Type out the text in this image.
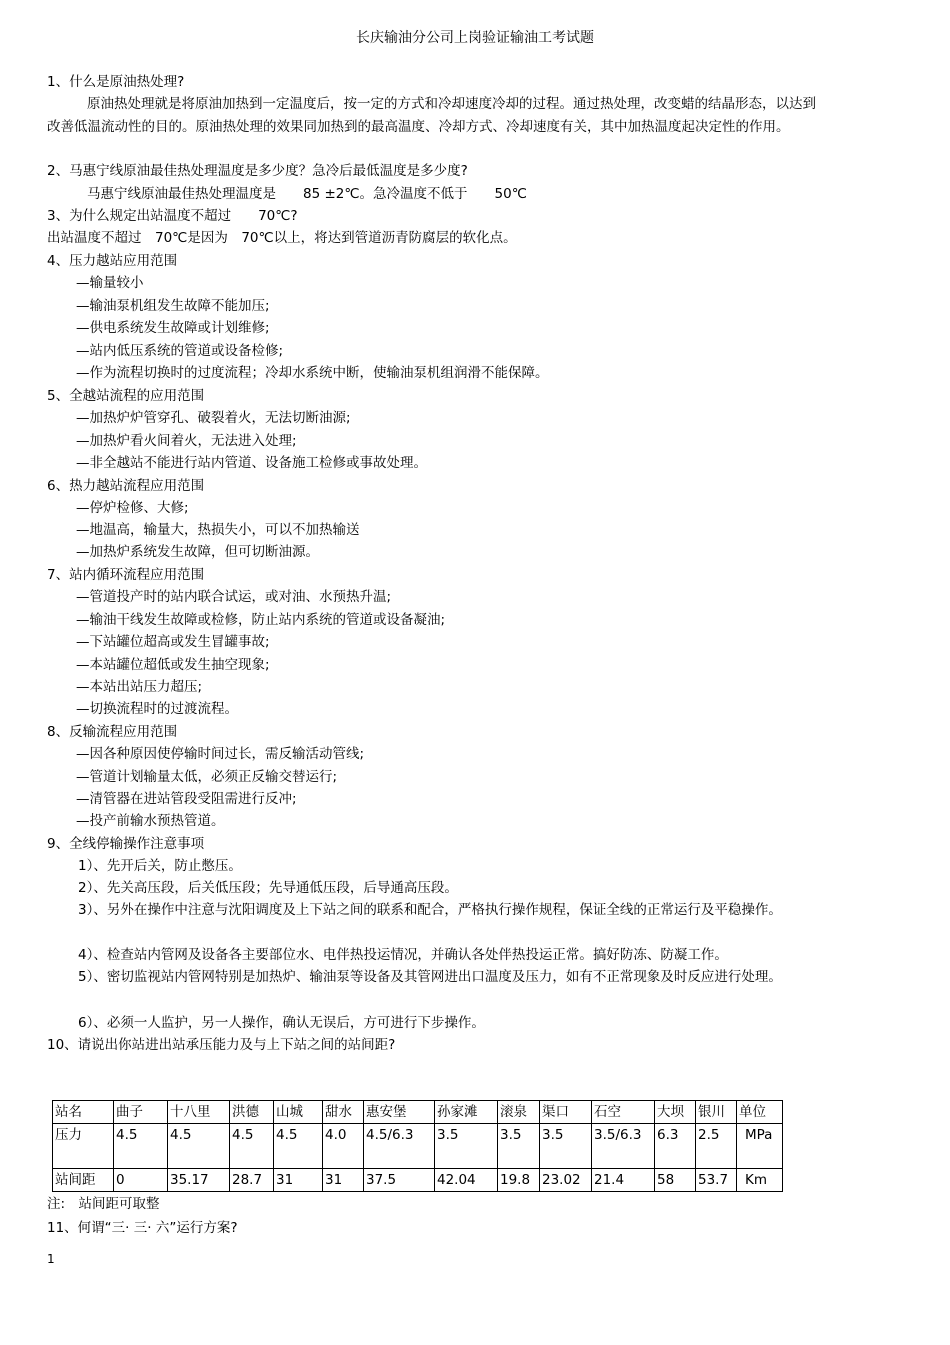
长庆输油分公司上岗验证输油工考试题
1、什么是原油热处理?
原油热处理就是将原油加热到一定温度后，按一定的方式和冷却速度冷却的过程。通过热处理，改变蜡的结晶形态，以达到改善低温流动性的目的。原油热处理的效果同加热到的最高温度、冷却方式、冷却速度有关，其中加热温度起决定性的作用。
2、马惠宁线原油最佳热处理温度是多少度？急冷后最低温度是多少度?
马惠宁线原油最佳热处理温度是　　85 ±2℃。急冷温度不低于　　50℃
3、为什么规定出站温度不超过　　70℃?
出站温度不超过　70℃是因为　70℃以上，将达到管道沥青防腐层的软化点。
4、压力越站应用范围
—输量较小
—输油泵机组发生故障不能加压;
—供电系统发生故障或计划维修;
—站内低压系统的管道或设备检修;
—作为流程切换时的过度流程；冷却水系统中断，使输油泵机组润滑不能保障。
5、全越站流程的应用范围
—加热炉炉管穿孔、破裂着火，无法切断油源;
—加热炉看火间着火，无法进入处理;
—非全越站不能进行站内管道、设备施工检修或事故处理。
6、热力越站流程应用范围
—停炉检修、大修;
—地温高，输量大，热损失小，可以不加热输送
—加热炉系统发生故障，但可切断油源。
7、站内循环流程应用范围
—管道投产时的站内联合试运，或对油、水预热升温;
—输油干线发生故障或检修，防止站内系统的管道或设备凝油;
—下站罐位超高或发生冒罐事故;
—本站罐位超低或发生抽空现象;
—本站出站压力超压;
—切换流程时的过渡流程。
8、反输流程应用范围
—因各种原因使停输时间过长，需反输活动管线;
—管道计划输量太低，必须正反输交替运行;
—清管器在进站管段受阻需进行反冲;
—投产前输水预热管道。
9、全线停输操作注意事项
1）、先开后关，防止憋压。
2）、先关高压段，后关低压段；先导通低压段，后导通高压段。
3）、另外在操作中注意与沈阳调度及上下站之间的联系和配合，严格执行操作规程，保证全线的正常运行及平稳操作。
4）、检查站内管网及设备各主要部位水、电伴热投运情况，并确认各处伴热投运正常。搞好防冻、防凝工作。
5）、密切监视站内管网特别是加热炉、输油泵等设备及其管网进出口温度及压力，如有不正常现象及时反应进行处理。
6）、必须一人监护，另一人操作，确认无误后，方可进行下步操作。
10、请说出你站进出站承压能力及与上下站之间的站间距?
站名	曲子	十八里	洪德	山城	甜水	惠安堡	孙家滩	滚泉	渠口	石空	大坝	银川	单位
压力	4.5	4.5	4.5	4.5	4.0	4.5/6.3	3.5	3.5	3.5	3.5/6.3	6.3	2.5	MPa
站间距	0	35.17	28.7	31	31	37.5	42.04	19.8	23.02	21.4	58	53.7	Km
注:　站间距可取整
11、何谓“三· 三· 六”运行方案?
1
